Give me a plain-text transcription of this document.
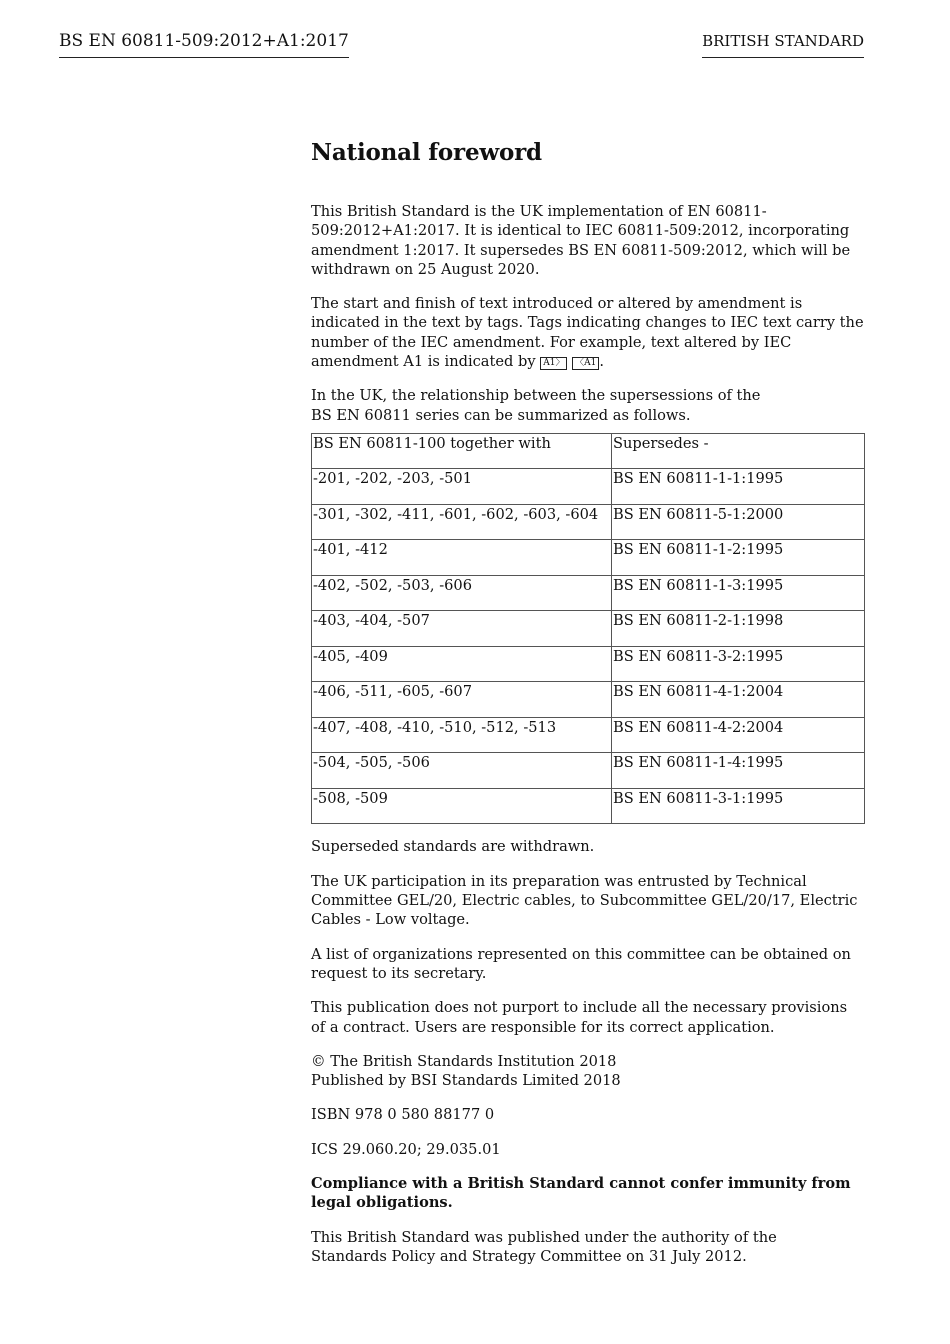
BS EN 60811-509:2012+A1:2017	BRITISH STANDARD
National foreword

This British Standard is the UK implementation of EN 60811-509:2012+A1:2017. It is identical to IEC 60811-509:2012, incorporating amendment 1:2017. It supersedes BS EN 60811-509:2012, which will be withdrawn on 25 August 2020.

The start and finish of text introduced or altered by amendment is indicated in the text by tags. Tags indicating changes to IEC text carry the number of the IEC amendment. For example, text altered by IEC amendment A1 is indicated by A1〉 〈A1 .

In the UK, the relationship between the supersessions of the
BS EN 60811 series can be summarized as follows.

BS EN 60811-100 together with	Supersedes -
-201, -202, -203, -501	BS EN 60811-1-1:1995
-301, -302, -411, -601, -602, -603, -604	BS EN 60811-5-1:2000
-401, -412	BS EN 60811-1-2:1995
-402, -502, -503, -606	BS EN 60811-1-3:1995
-403, -404, -507	BS EN 60811-2-1:1998
-405, -409	BS EN 60811-3-2:1995
-406, -511, -605, -607	BS EN 60811-4-1:2004
-407, -408, -410, -510, -512, -513	BS EN 60811-4-2:2004
-504, -505, -506	BS EN 60811-1-4:1995
-508, -509	BS EN 60811-3-1:1995

Superseded standards are withdrawn.

The UK participation in its preparation was entrusted by Technical Committee GEL/20, Electric cables, to Subcommittee GEL/20/17, Electric Cables - Low voltage.

A list of organizations represented on this committee can be obtained on request to its secretary.

This publication does not purport to include all the necessary provisions of a contract. Users are responsible for its correct application.

© The British Standards Institution 2018
Published by BSI Standards Limited 2018

ISBN 978 0 580 88177 0

ICS 29.060.20; 29.035.01

Compliance with a British Standard cannot confer immunity from legal obligations.

This British Standard was published under the authority of the
Standards Policy and Strategy Committee on 31 July 2012.
